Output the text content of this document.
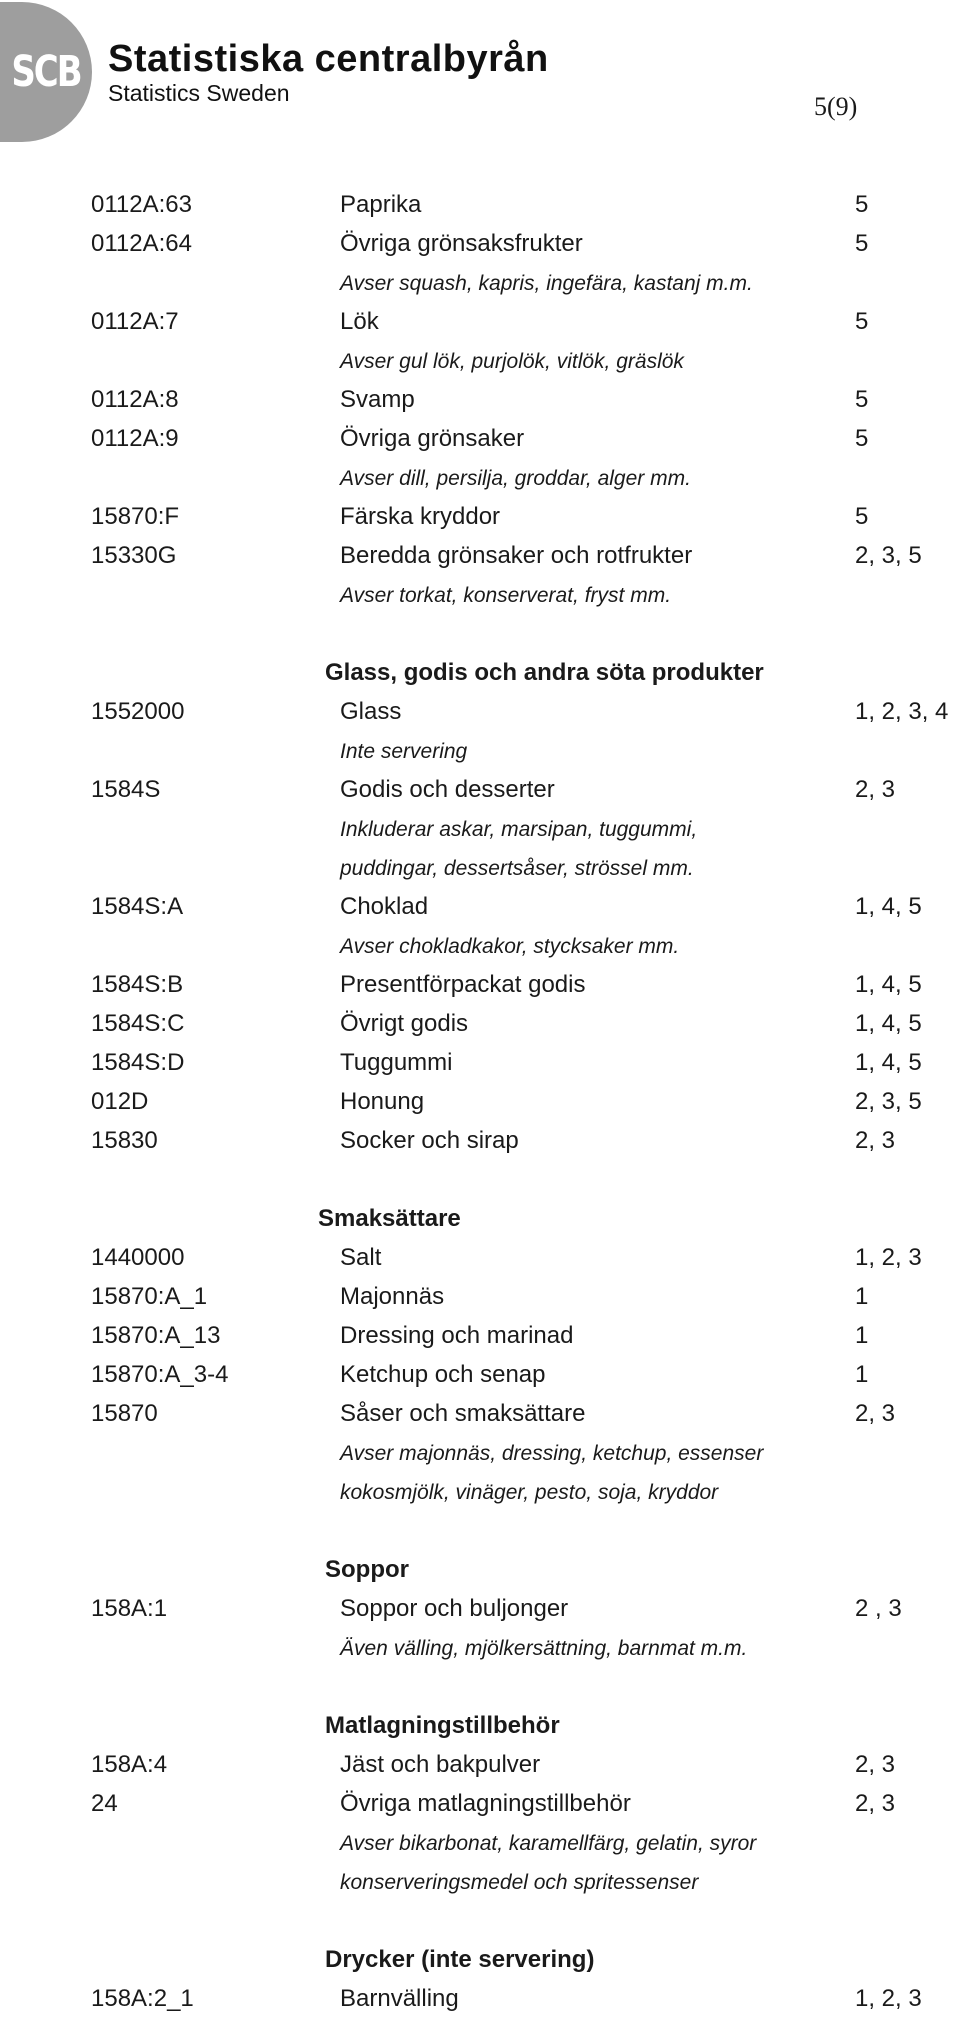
SCB Statistiska centralbyrån
Statistics Sweden	5(9)
0112A:63	Paprika	5
0112A:64	Övriga grönsaksfrukter	5
Avser squash, kapris, ingefära, kastanj m.m.
0112A:7	Lök	5
Avser gul lök, purjolök, vitlök, gräslök
0112A:8	Svamp	5
0112A:9	Övriga grönsaker	5
Avser dill, persilja, groddar, alger mm.
15870:F	Färska kryddor	5
15330G	Beredda grönsaker och rotfrukter	2, 3, 5
Avser torkat, konserverat, fryst mm.
Glass, godis och andra söta produkter
1552000	Glass	1, 2, 3, 4
Inte servering
1584S	Godis och desserter	2, 3
Inkluderar askar, marsipan, tuggummi,
puddingar, dessertsåser, strössel mm.
1584S:A	Choklad	1, 4, 5
Avser chokladkakor, stycksaker mm.
1584S:B	Presentförpackat godis	1, 4, 5
1584S:C	Övrigt godis	1, 4, 5
1584S:D	Tuggummi	1, 4, 5
012D	Honung	2, 3, 5
15830	Socker och sirap	2, 3
Smaksättare
1440000	Salt	1, 2, 3
15870:A_1	Majonnäs	1
15870:A_13	Dressing och marinad	1
15870:A_3-4	Ketchup och senap	1
15870	Såser och smaksättare	2, 3
Avser majonnäs, dressing, ketchup, essenser
kokosmjölk, vinäger, pesto, soja, kryddor
Soppor
158A:1	Soppor och buljonger	2 , 3
Även välling, mjölkersättning, barnmat m.m.
Matlagningstillbehör
158A:4	Jäst och bakpulver	2, 3
24	Övriga matlagningstillbehör	2, 3
Avser bikarbonat, karamellfärg, gelatin, syror
konserveringsmedel och spritessenser
Drycker (inte servering)
158A:2_1	Barnvälling	1, 2, 3
